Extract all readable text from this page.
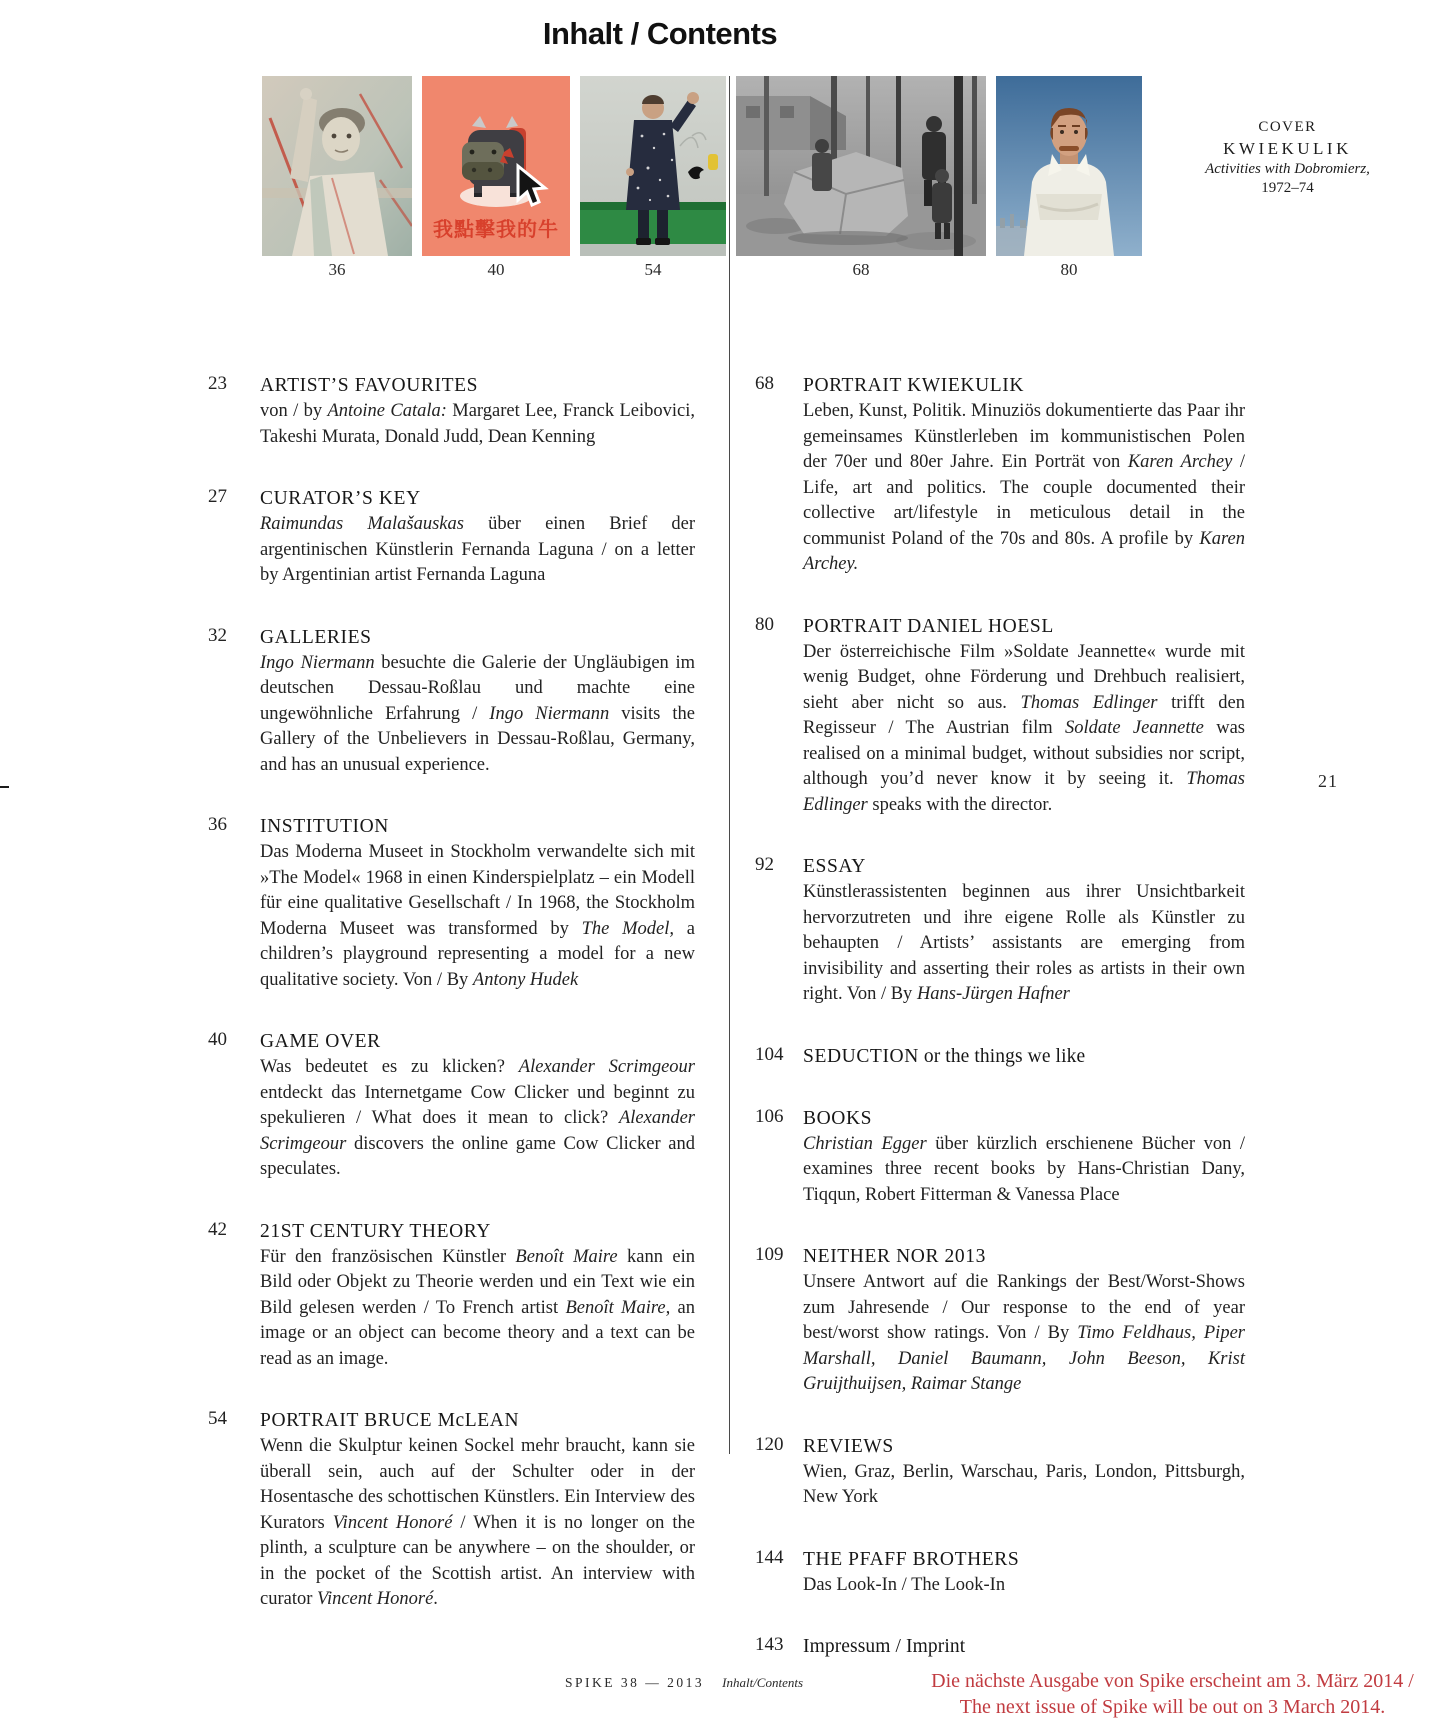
Inhalt / Contents
我點擊我的牛
36	40	54	68	80
COVER
KWIEKULIK
Activities with Dobromierz,
1972–74
21
23 ARTIST’S FAVOURITES
von / by Antoine Catala: Margaret Lee, Franck Leibovici, Takeshi Murata, Donald Judd, Dean Kenning
27 CURATOR’S KEY
Raimundas Malašauskas über einen Brief der argentinischen Künstlerin Fernanda Laguna / on a letter by Argentinian artist Fernanda Laguna
32 GALLERIES
Ingo Niermann besuchte die Galerie der Ungläubigen im deutschen Dessau-Roßlau und machte eine ungewöhnliche Erfahrung / Ingo Niermann visits the Gallery of the Unbelievers in Dessau-Roßlau, Germany, and has an unusual experience.
36 INSTITUTION
Das Moderna Museet in Stockholm verwandelte sich mit »The Model« 1968 in einen Kinderspielplatz – ein Modell für eine qualitative Gesellschaft / In 1968, the Stockholm Moderna Museet was transformed by The Model, a children’s playground representing a model for a new qualitative society. Von / By Antony Hudek
40 GAME OVER
Was bedeutet es zu klicken? Alexander Scrimgeour entdeckt das Internetgame Cow Clicker und beginnt zu spekulieren / What does it mean to click? Alexander Scrimgeour discovers the online game Cow Clicker and speculates.
42 21ST CENTURY THEORY
Für den französischen Künstler Benoît Maire kann ein Bild oder Objekt zu Theorie werden und ein Text wie ein Bild gelesen werden / To French artist Benoît Maire, an image or an object can become theory and a text can be read as an image.
54 PORTRAIT BRUCE McLEAN
Wenn die Skulptur keinen Sockel mehr braucht, kann sie überall sein, auch auf der Schulter oder in der Hosentasche des schottischen Künstlers. Ein Interview des Kurators Vincent Honoré / When it is no longer on the plinth, a sculpture can be anywhere – on the shoulder, or in the pocket of the Scottish artist. An interview with curator Vincent Honoré.
68 PORTRAIT KWIEKULIK
Leben, Kunst, Politik. Minuziös dokumentierte das Paar ihr gemeinsames Künstlerleben im kommunistischen Polen der 70er und 80er Jahre. Ein Porträt von Karen Archey / Life, art and politics. The couple documented their collective art/lifestyle in meticulous detail in the communist Poland of the 70s and 80s. A profile by Karen Archey.
80 PORTRAIT DANIEL HOESL
Der österreichische Film »Soldate Jeannette« wurde mit wenig Budget, ohne Förderung und Drehbuch realisiert, sieht aber nicht so aus. Thomas Edlinger trifft den Regisseur / The Austrian film Soldate Jeannette was realised on a minimal budget, without subsidies nor script, although you’d never know it by seeing it. Thomas Edlinger speaks with the director.
92 ESSAY
Künstlerassistenten beginnen aus ihrer Unsichtbarkeit hervorzutreten und ihre eigene Rolle als Künstler zu behaupten / Artists’ assistants are emerging from invisibility and asserting their roles as artists in their own right. Von / By Hans-Jürgen Hafner
104 SEDUCTION or the things we like
106 BOOKS
Christian Egger über kürzlich erschienene Bücher von / examines three recent books by Hans-Christian Dany, Tiqqun, Robert Fitterman & Vanessa Place
109 NEITHER NOR 2013
Unsere Antwort auf die Rankings der Best/Worst-Shows zum Jahresende / Our response to the end of year best/worst show ratings. Von / By Timo Feldhaus, Piper Marshall, Daniel Baumann, John Beeson, Krist Gruijthuijsen, Raimar Stange
120 REVIEWS
Wien, Graz, Berlin, Warschau, Paris, London, Pittsburgh, New York
144 THE PFAFF BROTHERS
Das Look-In / The Look-In
143 Impressum / Imprint
SPIKE 38 — 2013 Inhalt/Contents	Die nächste Ausgabe von Spike erscheint am 3. März 2014 /
The next issue of Spike will be out on 3 March 2014.
